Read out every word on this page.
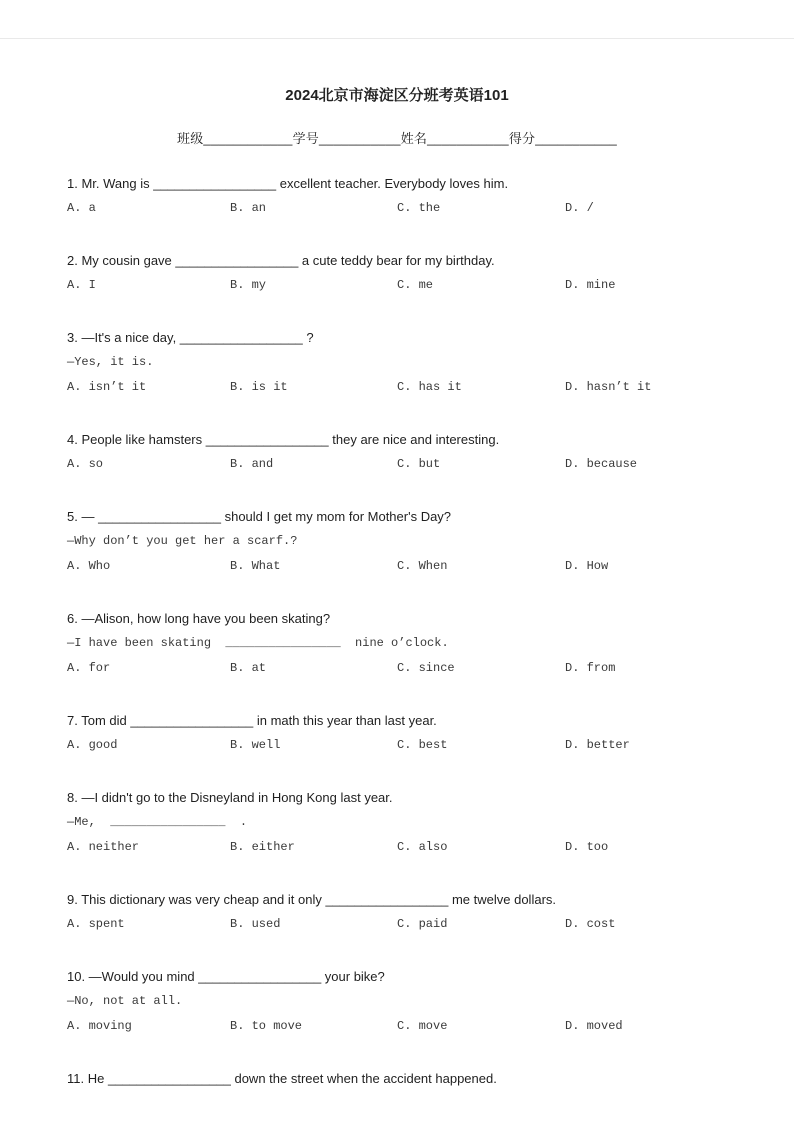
2024北京市海淀区分班考英语101
班级____________学号___________姓名___________得分___________
1. Mr. Wang is _________________ excellent teacher. Everybody loves him.
A. a	B. an	C. the	D. /
2. My cousin gave _________________ a cute teddy bear for my birthday.
A. I	B. my	C. me	D. mine
3. —It's a nice day, _________________ ?
—Yes, it is.
A. isn’t it	B. is it	C. has it	D. hasn’t it
4. People like hamsters _________________ they are nice and interesting.
A. so	B. and	C. but	D. because
5. — _________________ should I get my mom for Mother's Day?
—Why don’t you get her a scarf.?
A. Who	B. What	C. When	D. How
6. —Alison, how long have you been skating?
—I have been skating  ________________  nine o’clock.
A. for	B. at	C. since	D. from
7. Tom did _________________ in math this year than last year.
A. good	B. well	C. best	D. better
8. —I didn't go to the Disneyland in Hong Kong last year.
—Me,  ________________  .
A. neither	B. either	C. also	D. too
9. This dictionary was very cheap and it only _________________ me twelve dollars.
A. spent	B. used	C. paid	D. cost
10. —Would you mind _________________ your bike?
—No, not at all.
A. moving	B. to move	C. move	D. moved
11. He _________________ down the street when the accident happened.
